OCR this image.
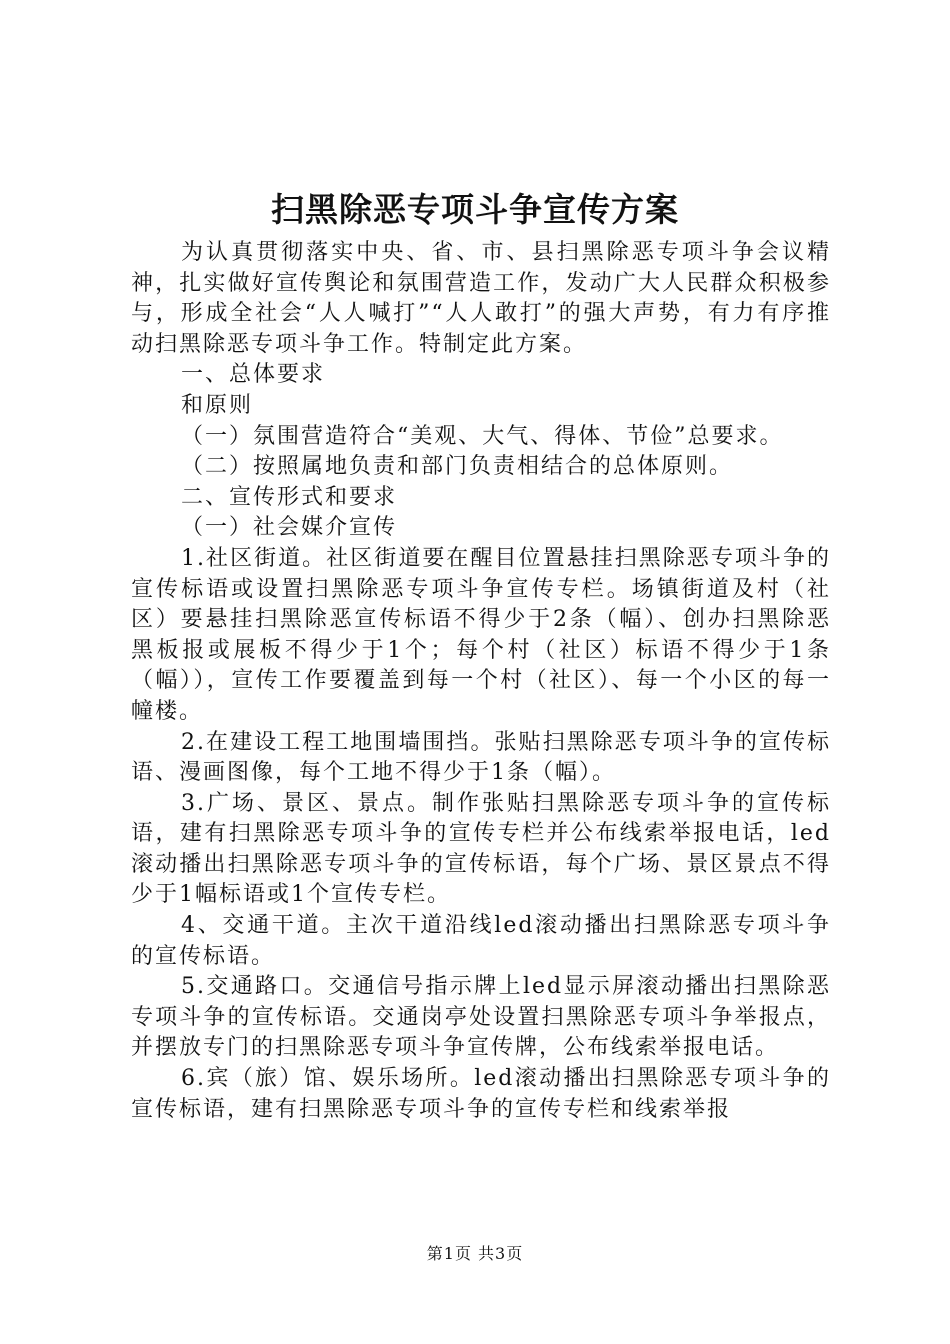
扫黑除恶专项斗争宣传方案

为认真贯彻落实中央、省、市、县扫黑除恶专项斗争会议精神，扎实做好宣传舆论和氛围营造工作，发动广大人民群众积极参与，形成全社会“人人喊打”“人人敢打”的强大声势，有力有序推动扫黑除恶专项斗争工作。特制定此方案。

一、总体要求

和原则

（一）氛围营造符合“美观、大气、得体、节俭”总要求。

（二）按照属地负责和部门负责相结合的总体原则。

二、宣传形式和要求

（一）社会媒介宣传

1.社区街道。社区街道要在醒目位置悬挂扫黑除恶专项斗争的宣传标语或设置扫黑除恶专项斗争宣传专栏。场镇街道及村（社区）要悬挂扫黑除恶宣传标语不得少于2条（幅）、创办扫黑除恶黑板报或展板不得少于1个；每个村（社区）标语不得少于1条（幅）），宣传工作要覆盖到每一个村（社区）、每一个小区的每一幢楼。

2.在建设工程工地围墙围挡。张贴扫黑除恶专项斗争的宣传标语、漫画图像，每个工地不得少于1条（幅）。

3.广场、景区、景点。制作张贴扫黑除恶专项斗争的宣传标语，建有扫黑除恶专项斗争的宣传专栏并公布线索举报电话，led滚动播出扫黑除恶专项斗争的宣传标语，每个广场、景区景点不得少于1幅标语或1个宣传专栏。

4、交通干道。主次干道沿线led滚动播出扫黑除恶专项斗争的宣传标语。

5.交通路口。交通信号指示牌上led显示屏滚动播出扫黑除恶专项斗争的宣传标语。交通岗亭处设置扫黑除恶专项斗争举报点，并摆放专门的扫黑除恶专项斗争宣传牌，公布线索举报电话。

6.宾（旅）馆、娱乐场所。led滚动播出扫黑除恶专项斗争的宣传标语，建有扫黑除恶专项斗争的宣传专栏和线索举报

第1页 共3页
